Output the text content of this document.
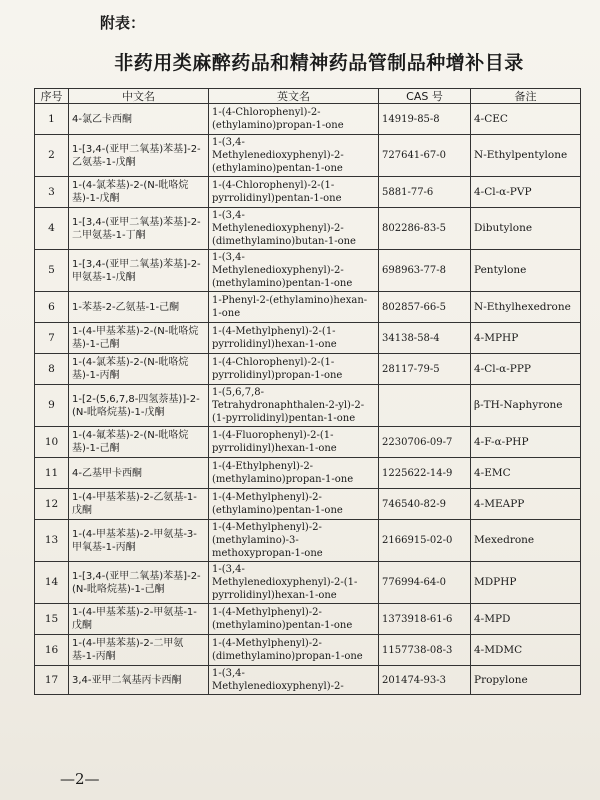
附表：
非药用类麻醉药品和精神药品管制品种增补目录
序号	中文名	英文名	CAS 号	备注
1	4-氯乙卡西酮	1-(4-Chlorophenyl)-2-(ethylamino)propan-1-one	14919-85-8	4-CEC
2	1-[3,4-(亚甲二氧基)苯基]-2-乙氨基-1-戊酮	1-(3,4-Methylenedioxyphenyl)-2-(ethylamino)pentan-1-one	727641-67-0	N-Ethylpentylone
3	1-(4-氯苯基)-2-(N-吡咯烷基)-1-戊酮	1-(4-Chlorophenyl)-2-(1-pyrrolidinyl)pentan-1-one	5881-77-6	4-Cl-α-PVP
4	1-[3,4-(亚甲二氧基)苯基]-2-二甲氨基-1-丁酮	1-(3,4-Methylenedioxyphenyl)-2-(dimethylamino)butan-1-one	802286-83-5	Dibutylone
5	1-[3,4-(亚甲二氧基)苯基]-2-甲氨基-1-戊酮	1-(3,4-Methylenedioxyphenyl)-2-(methylamino)pentan-1-one	698963-77-8	Pentylone
6	1-苯基-2-乙氨基-1-己酮	1-Phenyl-2-(ethylamino)hexan-1-one	802857-66-5	N-Ethylhexedrone
7	1-(4-甲基苯基)-2-(N-吡咯烷基)-1-己酮	1-(4-Methylphenyl)-2-(1-pyrrolidinyl)hexan-1-one	34138-58-4	4-MPHP
8	1-(4-氯苯基)-2-(N-吡咯烷基)-1-丙酮	1-(4-Chlorophenyl)-2-(1-pyrrolidinyl)propan-1-one	28117-79-5	4-Cl-α-PPP
9	1-[2-(5,6,7,8-四氢萘基)]-2-(N-吡咯烷基)-1-戊酮	1-(5,6,7,8-Tetrahydronaphthalen-2-yl)-2-(1-pyrrolidinyl)pentan-1-one		β-TH-Naphyrone
10	1-(4-氟苯基)-2-(N-吡咯烷基)-1-己酮	1-(4-Fluorophenyl)-2-(1-pyrrolidinyl)hexan-1-one	2230706-09-7	4-F-α-PHP
11	4-乙基甲卡西酮	1-(4-Ethylphenyl)-2-(methylamino)propan-1-one	1225622-14-9	4-EMC
12	1-(4-甲基苯基)-2-乙氨基-1-戊酮	1-(4-Methylphenyl)-2-(ethylamino)pentan-1-one	746540-82-9	4-MEAPP
13	1-(4-甲基苯基)-2-甲氨基-3-甲氧基-1-丙酮	1-(4-Methylphenyl)-2-(methylamino)-3-methoxypropan-1-one	2166915-02-0	Mexedrone
14	1-[3,4-(亚甲二氧基)苯基]-2-(N-吡咯烷基)-1-己酮	1-(3,4-Methylenedioxyphenyl)-2-(1-pyrrolidinyl)hexan-1-one	776994-64-0	MDPHP
15	1-(4-甲基苯基)-2-甲氨基-1-戊酮	1-(4-Methylphenyl)-2-(methylamino)pentan-1-one	1373918-61-6	4-MPD
16	1-(4-甲基苯基)-2-二甲氨基-1-丙酮	1-(4-Methylphenyl)-2-(dimethylamino)propan-1-one	1157738-08-3	4-MDMC
17	3,4-亚甲二氧基丙卡西酮	1-(3,4-Methylenedioxyphenyl)-2-	201474-93-3	Propylone
—2—
